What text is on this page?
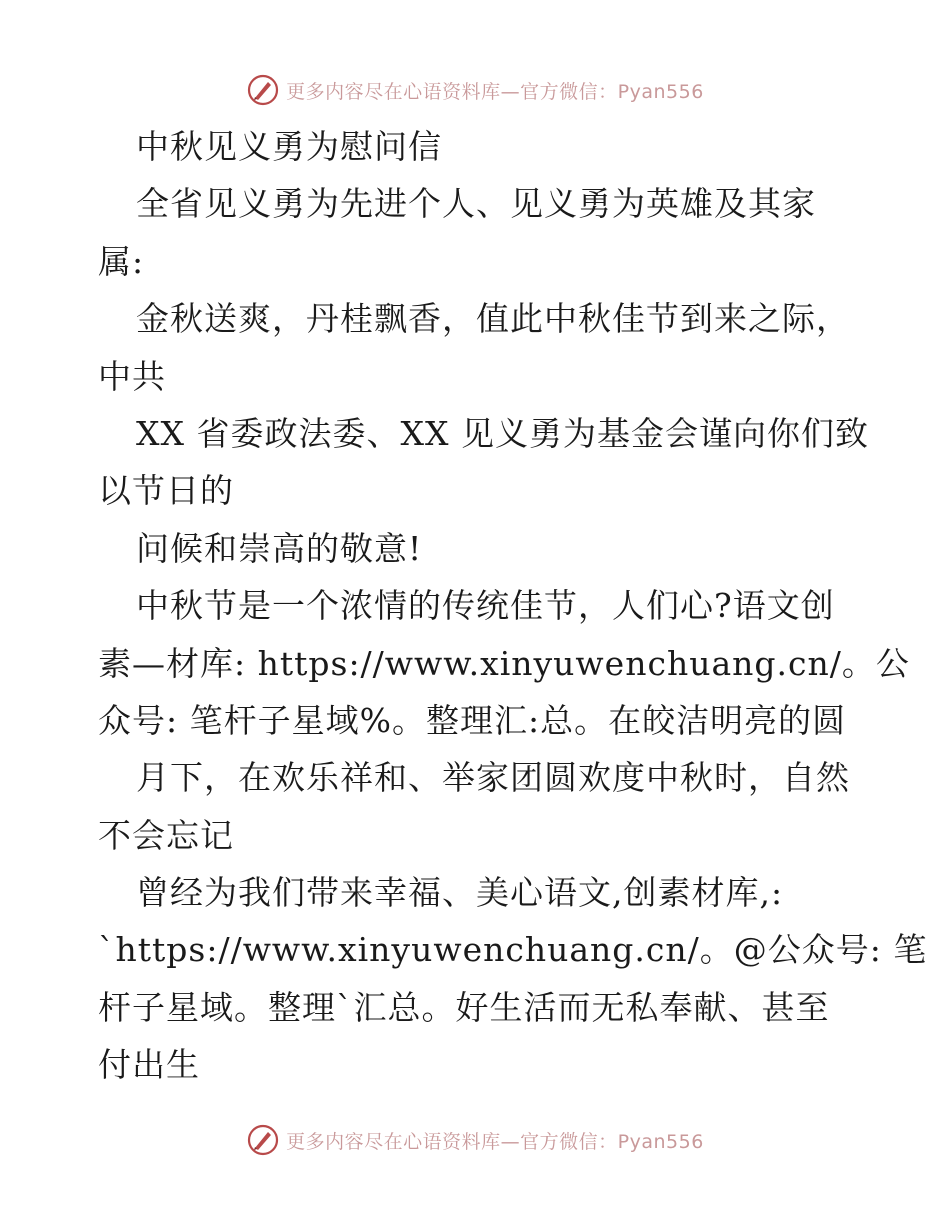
更多内容尽在心语资料库—官方微信：Pyan556
中秋见义勇为慰问信
全省见义勇为先进个人、见义勇为英雄及其家
属:
金秋送爽，丹桂飘香，值此中秋佳节到来之际，
中共
XX 省委政法委、XX 见义勇为基金会谨向你们致
以节日的
问候和崇高的敬意!
中秋节是一个浓情的传统佳节，人们心?语文创
素—材库: https://www.xinyuwenchuang.cn/。公
众号: 笔杆子星域%。整理汇:总。在皎洁明亮的圆
月下，在欢乐祥和、举家团圆欢度中秋时，自然
不会忘记
曾经为我们带来幸福、美心语文,创素材库,:
`https://www.xinyuwenchuang.cn/。@公众号: 笔
杆子星域。整理`汇总。好生活而无私奉献、甚至
付出生
更多内容尽在心语资料库—官方微信：Pyan556
